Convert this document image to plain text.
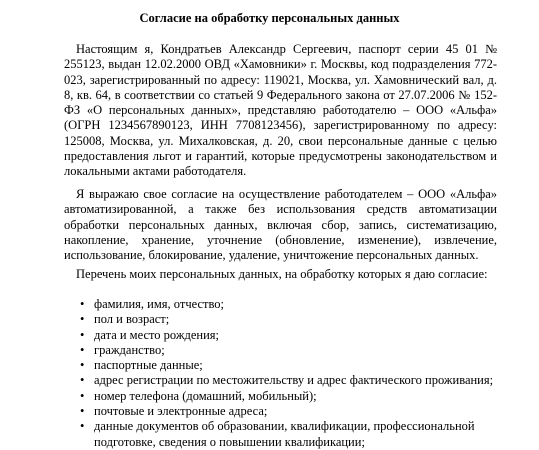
Согласие на обработку персональных данных
Настоящим я, Кондратьев Александр Сергеевич, паспорт серии 45 01 № 255123, выдан 12.02.2000 ОВД «Хамовники» г. Москвы, код подразделения 772-023, зарегистрированный по адресу: 119021, Москва, ул. Хамовнический вал, д. 8, кв. 64, в соответствии со статьей 9 Федерального закона от 27.07.2006 № 152-ФЗ «О персональных данных», представляю работодателю – ООО «Альфа» (ОГРН 1234567890123, ИНН 7708123456), зарегистрированному по адресу: 125008, Москва, ул. Михалковская, д. 20, свои персональные данные с целью предоставления льгот и гарантий, которые предусмотрены законодательством и локальными актами работодателя.
Я выражаю свое согласие на осуществление работодателем – ООО «Альфа» автоматизированной, а также без использования средств автоматизации обработки персональных данных, включая сбор, запись, систематизацию, накопление, хранение, уточнение (обновление, изменение), извлечение, использование, блокирование, удаление, уничтожение персональных данных.
Перечень моих персональных данных, на обработку которых я даю согласие:
• фамилия, имя, отчество;
• пол и возраст;
• дата и место рождения;
• гражданство;
• паспортные данные;
• адрес регистрации по местожительству и адрес фактического проживания;
• номер телефона (домашний, мобильный);
• почтовые и электронные адреса;
• данные документов об образовании, квалификации, профессиональной
подготовке, сведения о повышении квалификации;
